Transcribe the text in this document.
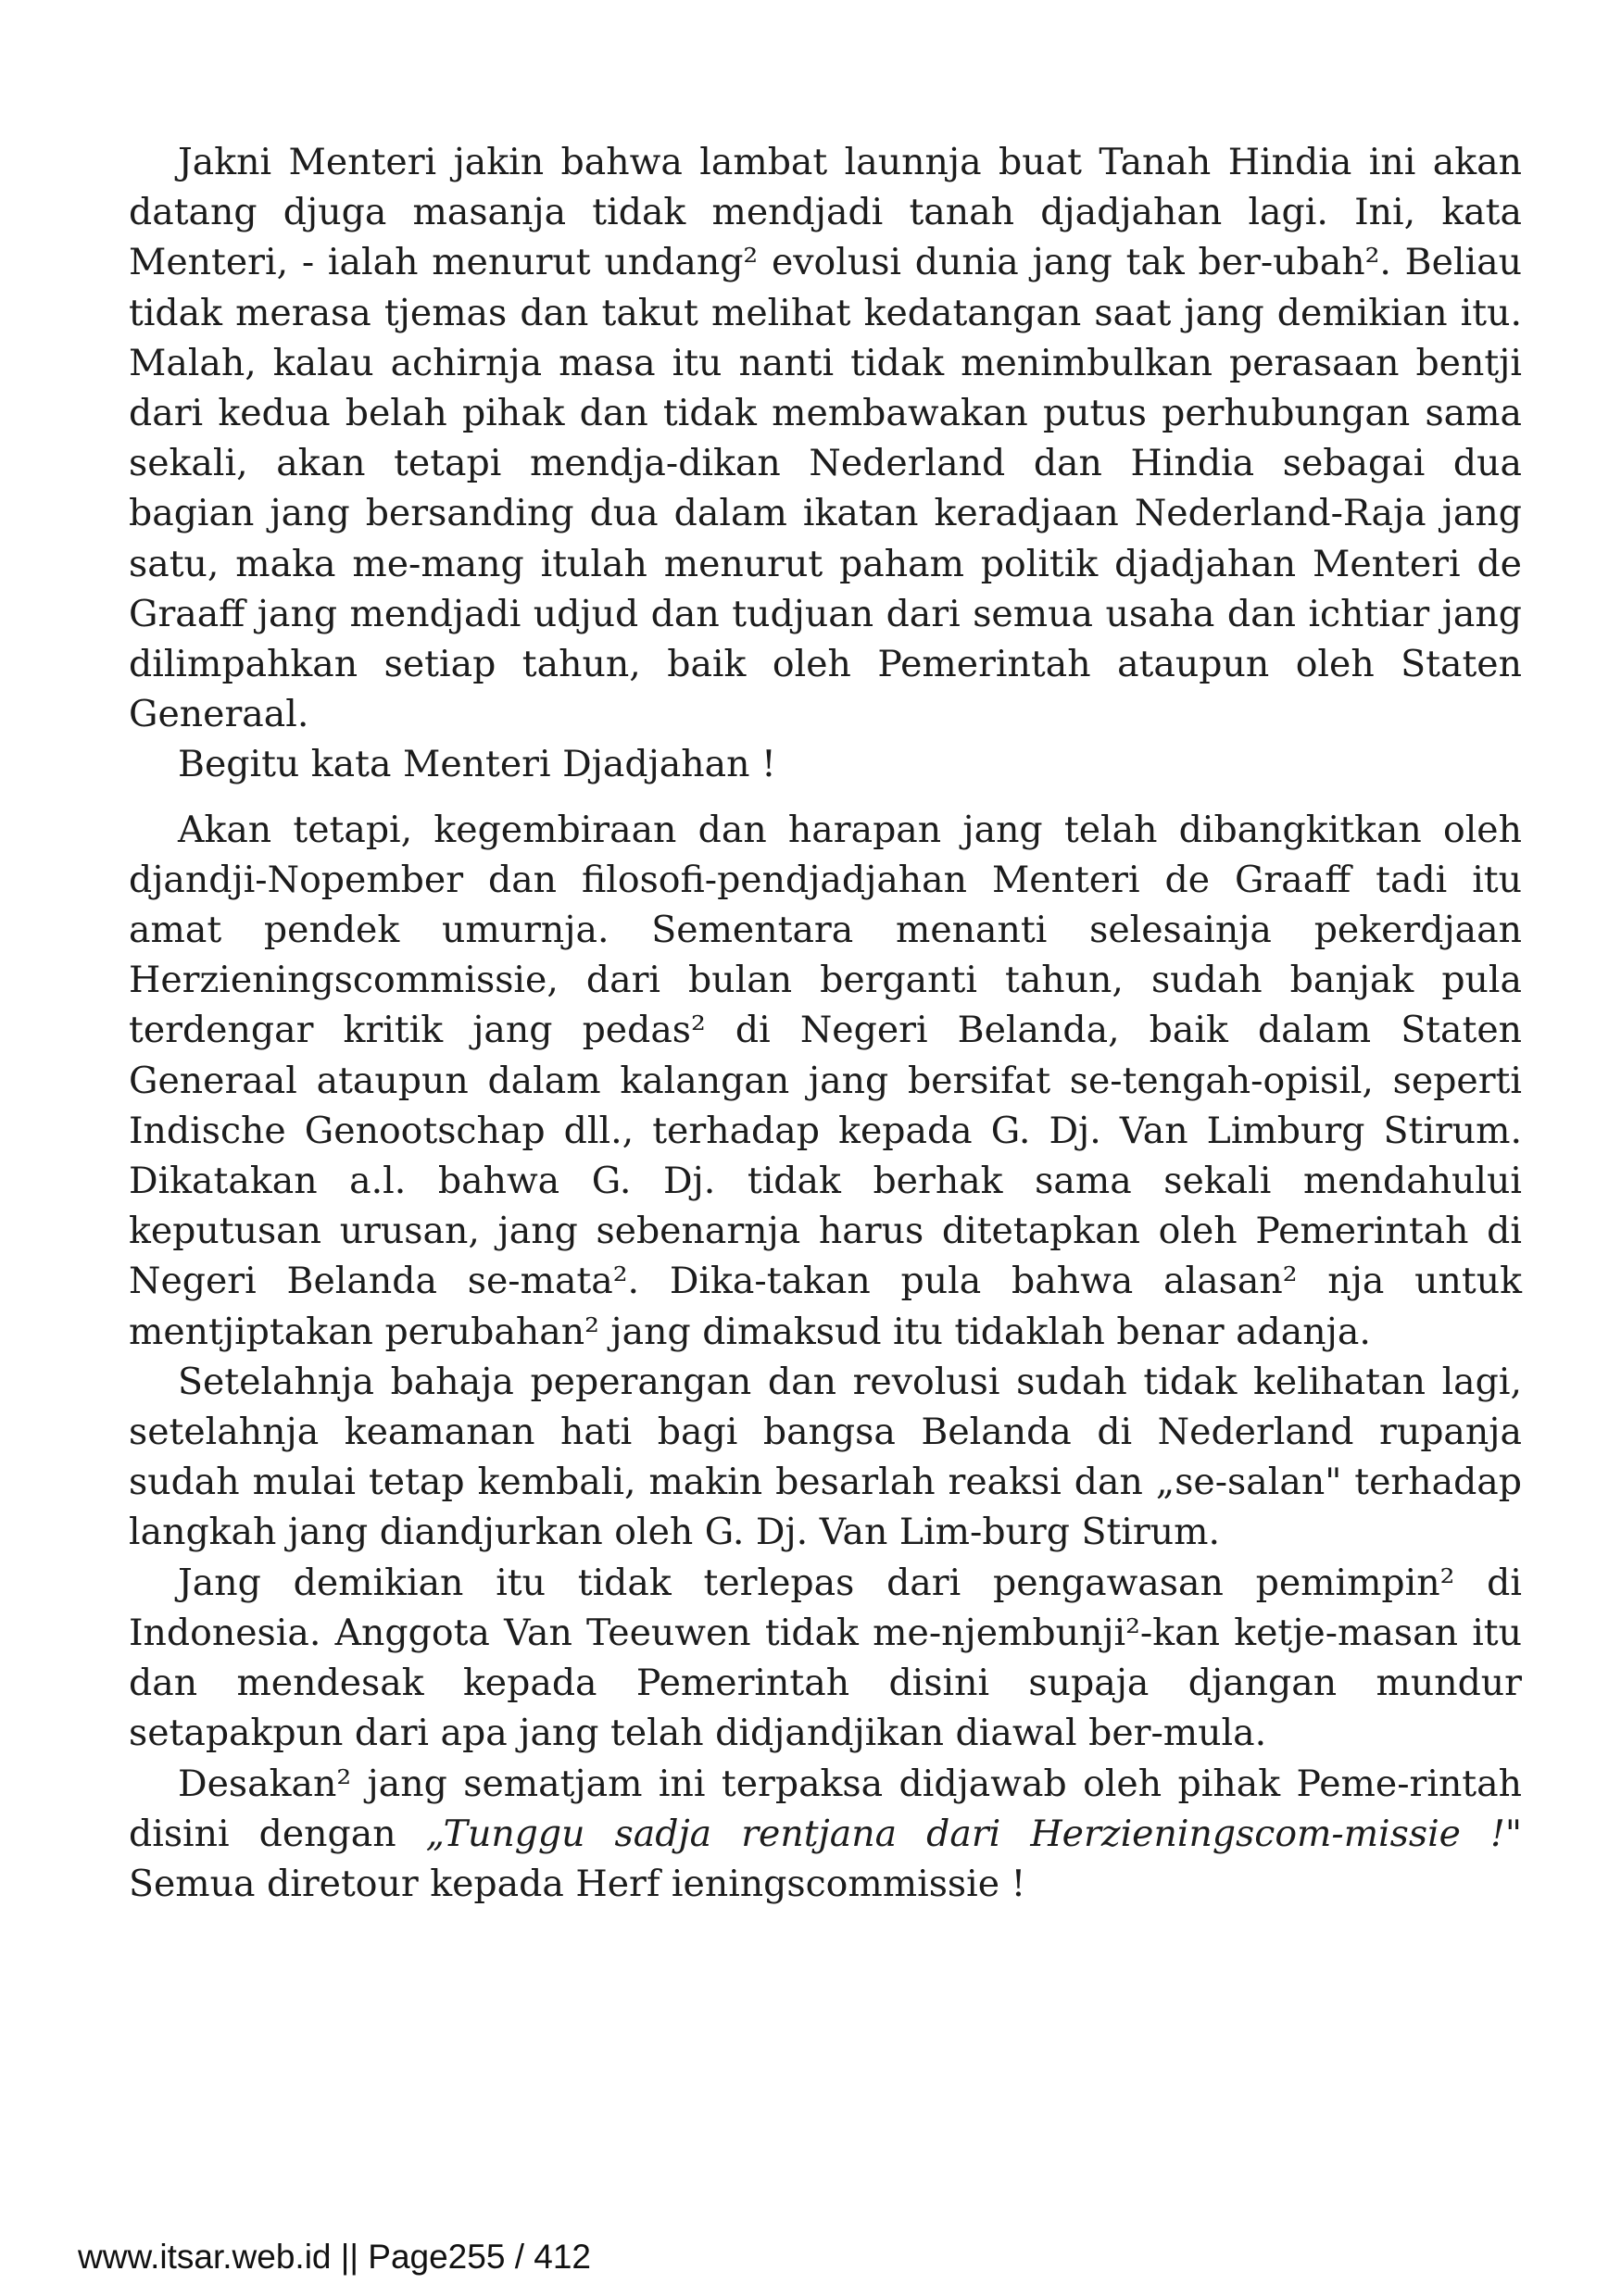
Jakni Menteri jakin bahwa lambat launnja buat Tanah Hindia ini akan datang djuga masanja tidak mendjadi tanah djadjahan lagi. Ini, kata Menteri, - ialah menurut undang² evolusi dunia jang tak ber-ubah². Beliau tidak merasa tjemas dan takut melihat kedatangan saat jang demikian itu. Malah, kalau achirnja masa itu nanti tidak menimbulkan perasaan bentji dari kedua belah pihak dan tidak membawakan putus perhubungan sama sekali, akan tetapi mendja-dikan Nederland dan Hindia sebagai dua bagian jang bersanding dua dalam ikatan keradjaan Nederland-Raja jang satu, maka me-mang itulah menurut paham politik djadjahan Menteri de Graaff jang mendjadi udjud dan tudjuan dari semua usaha dan ichtiar jang dilimpahkan setiap tahun, baik oleh Pemerintah ataupun oleh Staten Generaal.

Begitu kata Menteri Djadjahan !

Akan tetapi, kegembiraan dan harapan jang telah dibangkitkan oleh djandji-Nopember dan filosofi-pendjadjahan Menteri de Graaff tadi itu amat pendek umurnja. Sementara menanti selesainja pekerdjaan Herzieningscommissie, dari bulan berganti tahun, sudah banjak pula terdengar kritik jang pedas² di Negeri Belanda, baik dalam Staten Generaal ataupun dalam kalangan jang bersifat se-tengah-opisil, seperti Indische Genootschap dll., terhadap kepada G. Dj. Van Limburg Stirum. Dikatakan a.l. bahwa G. Dj. tidak berhak sama sekali mendahului keputusan urusan, jang sebenarnja harus ditetapkan oleh Pemerintah di Negeri Belanda se-mata². Dika-takan pula bahwa alasan² nja untuk mentjiptakan perubahan² jang dimaksud itu tidaklah benar adanja.

Setelahnja bahaja peperangan dan revolusi sudah tidak kelihatan lagi, setelahnja keamanan hati bagi bangsa Belanda di Nederland rupanja sudah mulai tetap kembali, makin besarlah reaksi dan „se-salan" terhadap langkah jang diandjurkan oleh G. Dj. Van Lim-burg Stirum.

Jang demikian itu tidak terlepas dari pengawasan pemimpin² di Indonesia. Anggota Van Teeuwen tidak me-njembunji²-kan ketje-masan itu dan mendesak kepada Pemerintah disini supaja djangan mundur setapakpun dari apa jang telah didjandjikan diawal ber-mula.

Desakan² jang sematjam ini terpaksa didjawab oleh pihak Peme-rintah disini dengan „Tunggu sadja rentjana dari Herzieningscom-missie !" Semua diretour kepada Herf ieningscommissie !

www.itsar.web.id || Page255 / 412
